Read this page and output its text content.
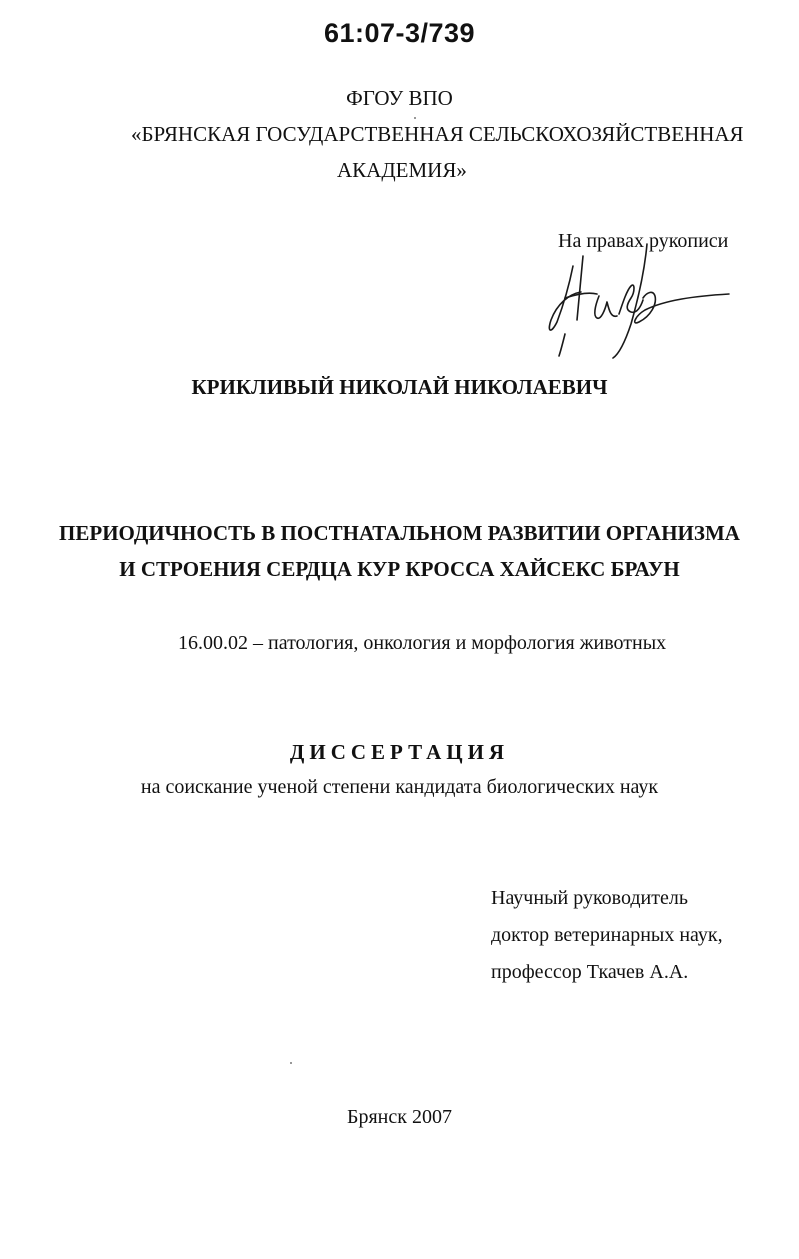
61:07-3/739
ФГОУ ВПО
«БРЯНСКАЯ ГОСУДАРСТВЕННАЯ СЕЛЬСКОХОЗЯЙСТВЕННАЯ
АКАДЕМИЯ»
На правах рукописи
КРИКЛИВЫЙ НИКОЛАЙ НИКОЛАЕВИЧ
ПЕРИОДИЧНОСТЬ В ПОСТНАТАЛЬНОМ РАЗВИТИИ ОРГАНИЗМА
И СТРОЕНИЯ СЕРДЦА КУР КРОССА ХАЙСЕКС БРАУН
16.00.02 – патология, онкология и морфология животных
ДИССЕРТАЦИЯ
на соискание ученой степени кандидата биологических наук
Научный руководитель
доктор ветеринарных наук,
профессор Ткачев А.А.
Брянск 2007
